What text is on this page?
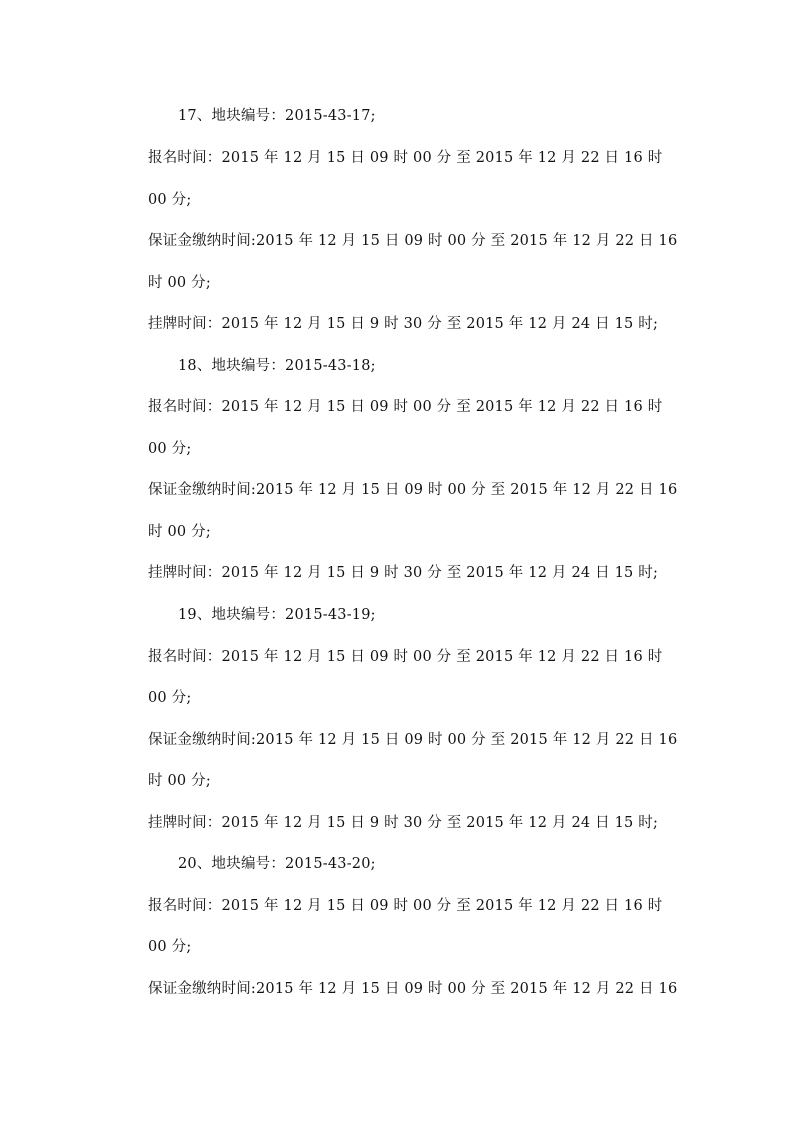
17、地块编号：2015-43-17;
报名时间：2015 年 12 月 15 日 09 时 00 分 至 2015 年 12 月 22 日 16 时
00 分;
保证金缴纳时间:2015 年 12 月 15 日 09 时 00 分 至 2015 年 12 月 22 日 16
时 00 分;
挂牌时间：2015 年 12 月 15 日 9 时 30 分 至 2015 年 12 月 24 日 15 时;
18、地块编号：2015-43-18;
报名时间：2015 年 12 月 15 日 09 时 00 分 至 2015 年 12 月 22 日 16 时
00 分;
保证金缴纳时间:2015 年 12 月 15 日 09 时 00 分 至 2015 年 12 月 22 日 16
时 00 分;
挂牌时间：2015 年 12 月 15 日 9 时 30 分 至 2015 年 12 月 24 日 15 时;
19、地块编号：2015-43-19;
报名时间：2015 年 12 月 15 日 09 时 00 分 至 2015 年 12 月 22 日 16 时
00 分;
保证金缴纳时间:2015 年 12 月 15 日 09 时 00 分 至 2015 年 12 月 22 日 16
时 00 分;
挂牌时间：2015 年 12 月 15 日 9 时 30 分 至 2015 年 12 月 24 日 15 时;
20、地块编号：2015-43-20;
报名时间：2015 年 12 月 15 日 09 时 00 分 至 2015 年 12 月 22 日 16 时
00 分;
保证金缴纳时间:2015 年 12 月 15 日 09 时 00 分 至 2015 年 12 月 22 日 16
